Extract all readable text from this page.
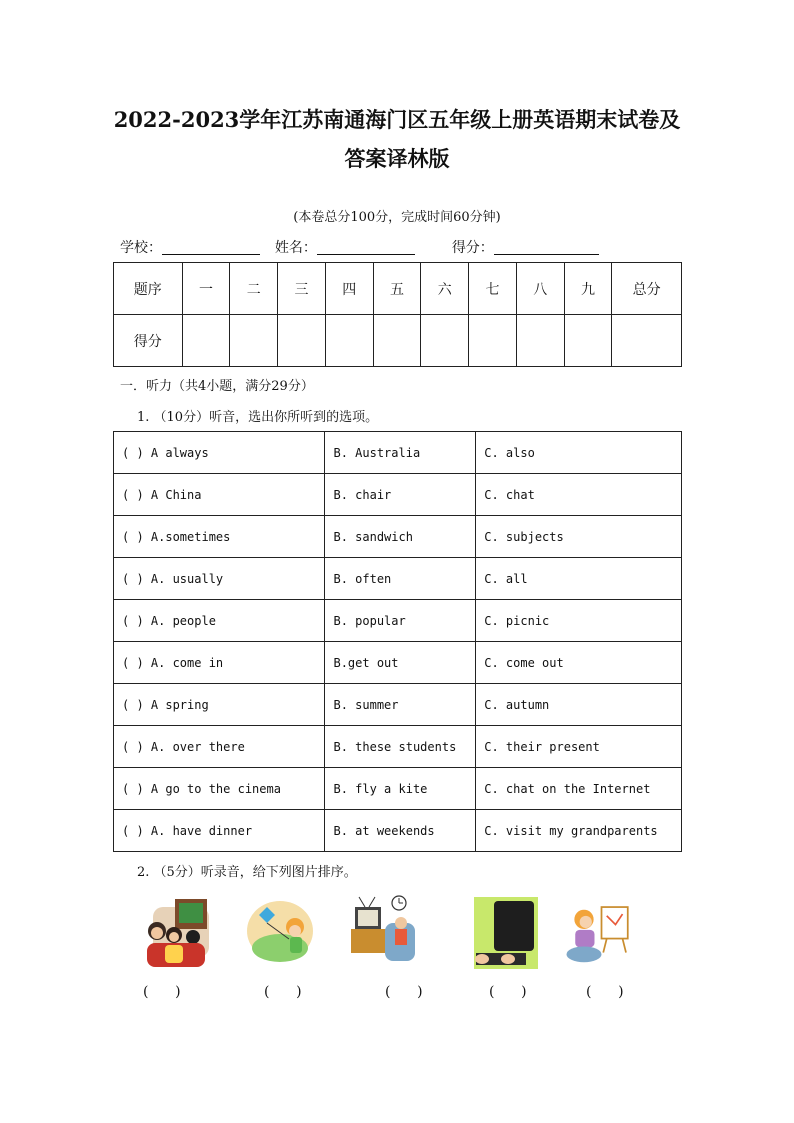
2022-2023学年江苏南通海门区五年级上册英语期末试卷及
答案译林版
(本卷总分100分，完成时间60分钟)
学校：	姓名：	得分：
题序	一	二	三	四	五	六	七	八	九	总分
得分										
一．听力（共4小题，满分29分）
1. （10分）听音，选出你所听到的选项。
( ) A always	B. Australia	C. also
( ) A China	B. chair	C. chat
( ) A.sometimes	B. sandwich	C. subjects
( ) A. usually	B. often	C. all
( ) A. people	B. popular	C. picnic
( ) A. come in	B.get out	C. come out
( ) A spring	B. summer	C. autumn
( ) A. over there	B. these students	C. their present
( ) A go to the cinema	B. fly a kite	C. chat on the Internet
( ) A. have dinner	B. at weekends	C. visit my grandparents
2. （5分）听录音，给下列图片排序。
(      )	(      )	(      )	(      )	(      )
